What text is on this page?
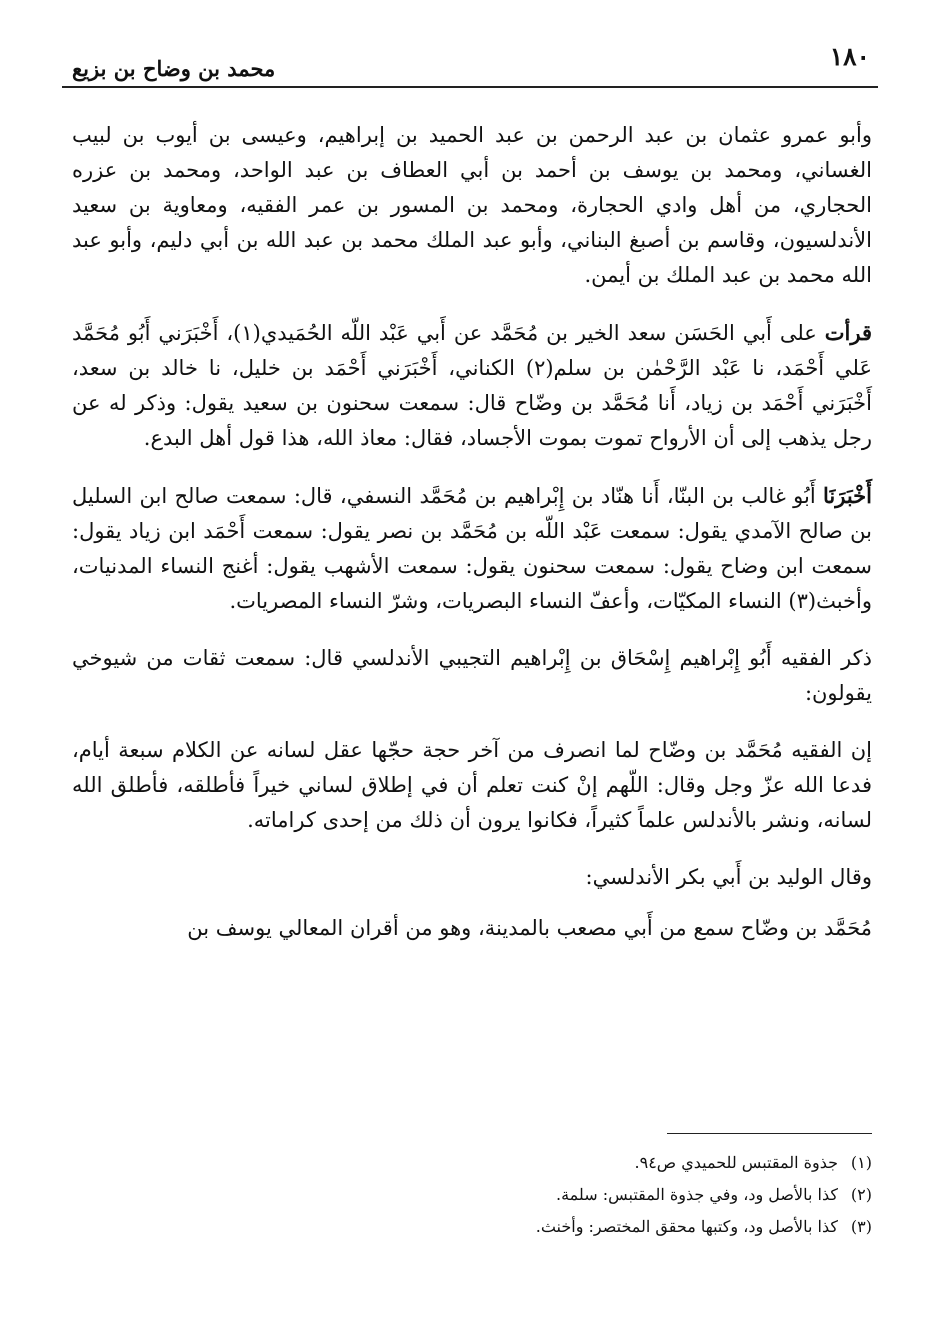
١٨٠
محمد بن وضاح بن بزيع

وأبو عمرو عثمان بن عبد الرحمن بن عبد الحميد بن إبراهيم، وعيسى بن أيوب بن لبيب الغساني، ومحمد بن يوسف بن أحمد بن أبي العطاف بن عبد الواحد، ومحمد بن عزره الحجاري، من أهل وادي الحجارة، ومحمد بن المسور بن عمر الفقيه، ومعاوية بن سعيد الأندلسيون، وقاسم بن أصبغ البناني، وأبو عبد الملك محمد بن عبد الله بن أبي دليم، وأبو عبد الله محمد بن عبد الملك بن أيمن.

قرأت على أَبي الحَسَن سعد الخير بن مُحَمَّد عن أَبي عَبْد اللّه الحُمَيدي(١)، أَخْبَرَني أَبُو مُحَمَّد عَلي أَحْمَد، نا عَبْد الرَّحْمٰن بن سلم(٢) الكناني، أَخْبَرَني أَحْمَد بن خليل، نا خالد بن سعد، أَخْبَرَني أَحْمَد بن زياد، أَنا مُحَمَّد بن وضّاح قال: سمعت سحنون بن سعيد يقول: وذكر له عن رجل يذهب إلى أن الأرواح تموت بموت الأجساد، فقال: معاذ الله، هذا قول أهل البدع.

أَخْبَرَنَا أَبُو غالب بن البنّا، أَنا هنّاد بن إِبْراهيم بن مُحَمَّد النسفي، قال: سمعت صالح ابن السليل بن صالح الآمدي يقول: سمعت عَبْد اللّه بن مُحَمَّد بن نصر يقول: سمعت أَحْمَد ابن زياد يقول: سمعت ابن وضاح يقول: سمعت سحنون يقول: سمعت الأشهب يقول: أغنج النساء المدنيات، وأخبث(٣) النساء المكيّات، وأعفّ النساء البصريات، وشرّ النساء المصريات.

ذكر الفقيه أَبُو إِبْراهيم إِسْحَاق بن إِبْراهيم التجيبي الأندلسي قال: سمعت ثقات من شيوخي يقولون:

إن الفقيه مُحَمَّد بن وضّاح لما انصرف من آخر حجة حجّها عقل لسانه عن الكلام سبعة أيام، فدعا الله عزّ وجل وقال: اللّهم إنْ كنت تعلم أن في إطلاق لساني خيراً فأطلقه، فأطلق الله لسانه، ونشر بالأندلس علماً كثيراً، فكانوا يرون أن ذلك من إحدى كراماته.

وقال الوليد بن أَبي بكر الأندلسي:

مُحَمَّد بن وضّاح سمع من أَبي مصعب بالمدينة، وهو من أقران المعالي يوسف بن

(١)جذوة المقتبس للحميدي ص٩٤.
(٢)كذا بالأصل ود، وفي جذوة المقتبس: سلمة.
(٣)كذا بالأصل ود، وكتبها محقق المختصر: وأخنث.
